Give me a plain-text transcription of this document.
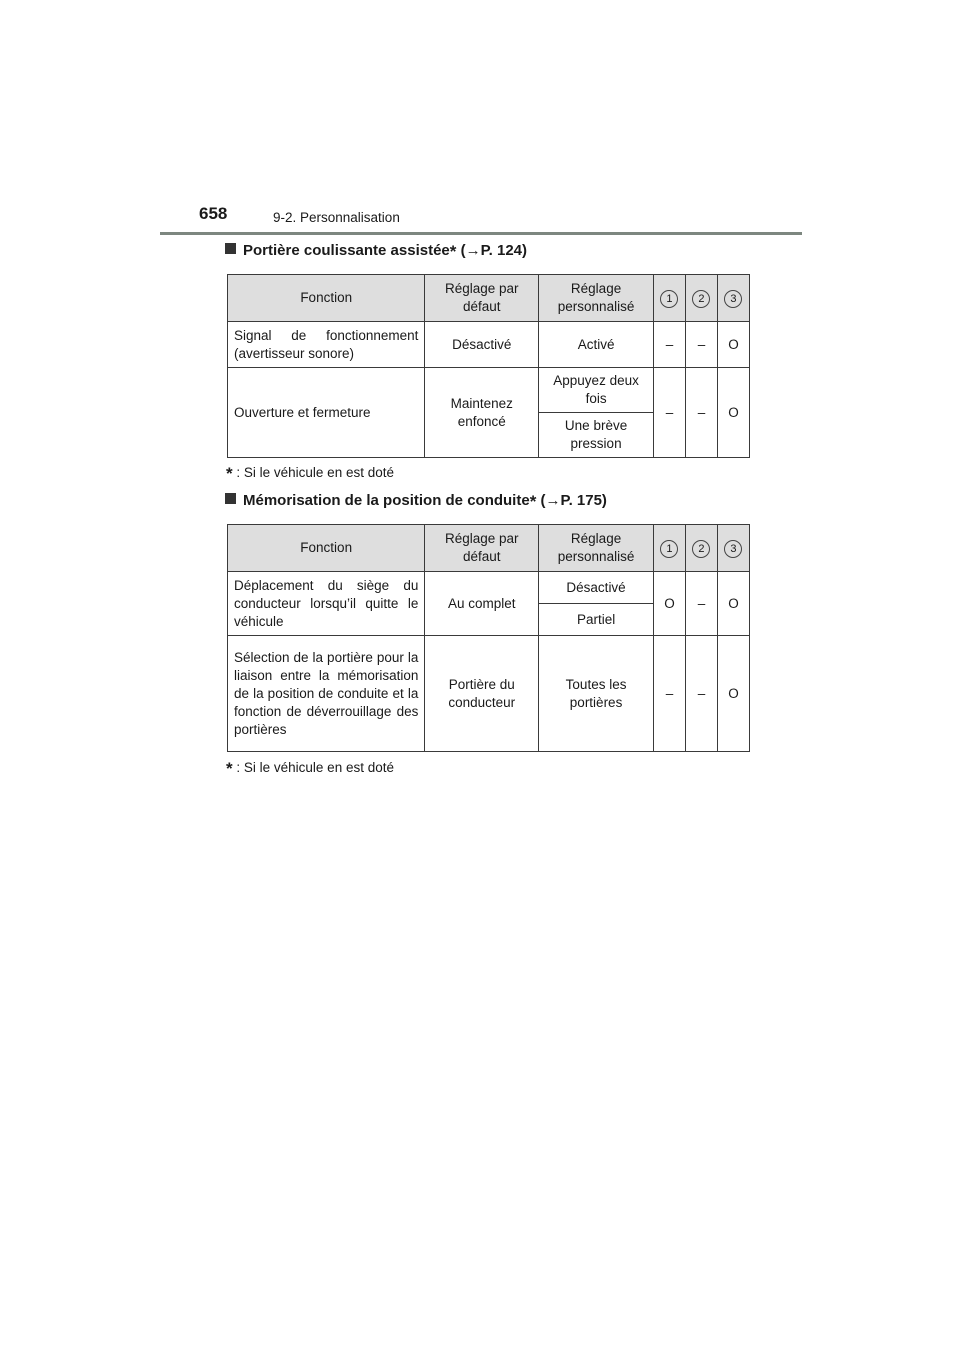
658	9-2. Personnalisation
Portière coulissante assistée* (→P. 124)
Fonction	Réglage par défaut	Réglage personnalisé	1	2	3
Signal de fonctionnement (avertisseur sonore)	Désactivé	Activé	–	–	O
Ouverture et fermeture	Maintenez enfoncé	Appuyez deux fois	–	–	O
		Une brève pression			
* : Si le véhicule en est doté
Mémorisation de la position de conduite* (→P. 175)
Fonction	Réglage par défaut	Réglage personnalisé	1	2	3
Déplacement du siège du conducteur lorsqu’il quitte le véhicule	Au complet	Désactivé	O	–	O
		Partiel			
Sélection de la portière pour la liaison entre la mémorisation de la position de conduite et la fonction de déverrouillage des portières	Portière du conducteur	Toutes les portières	–	–	O
* : Si le véhicule en est doté
